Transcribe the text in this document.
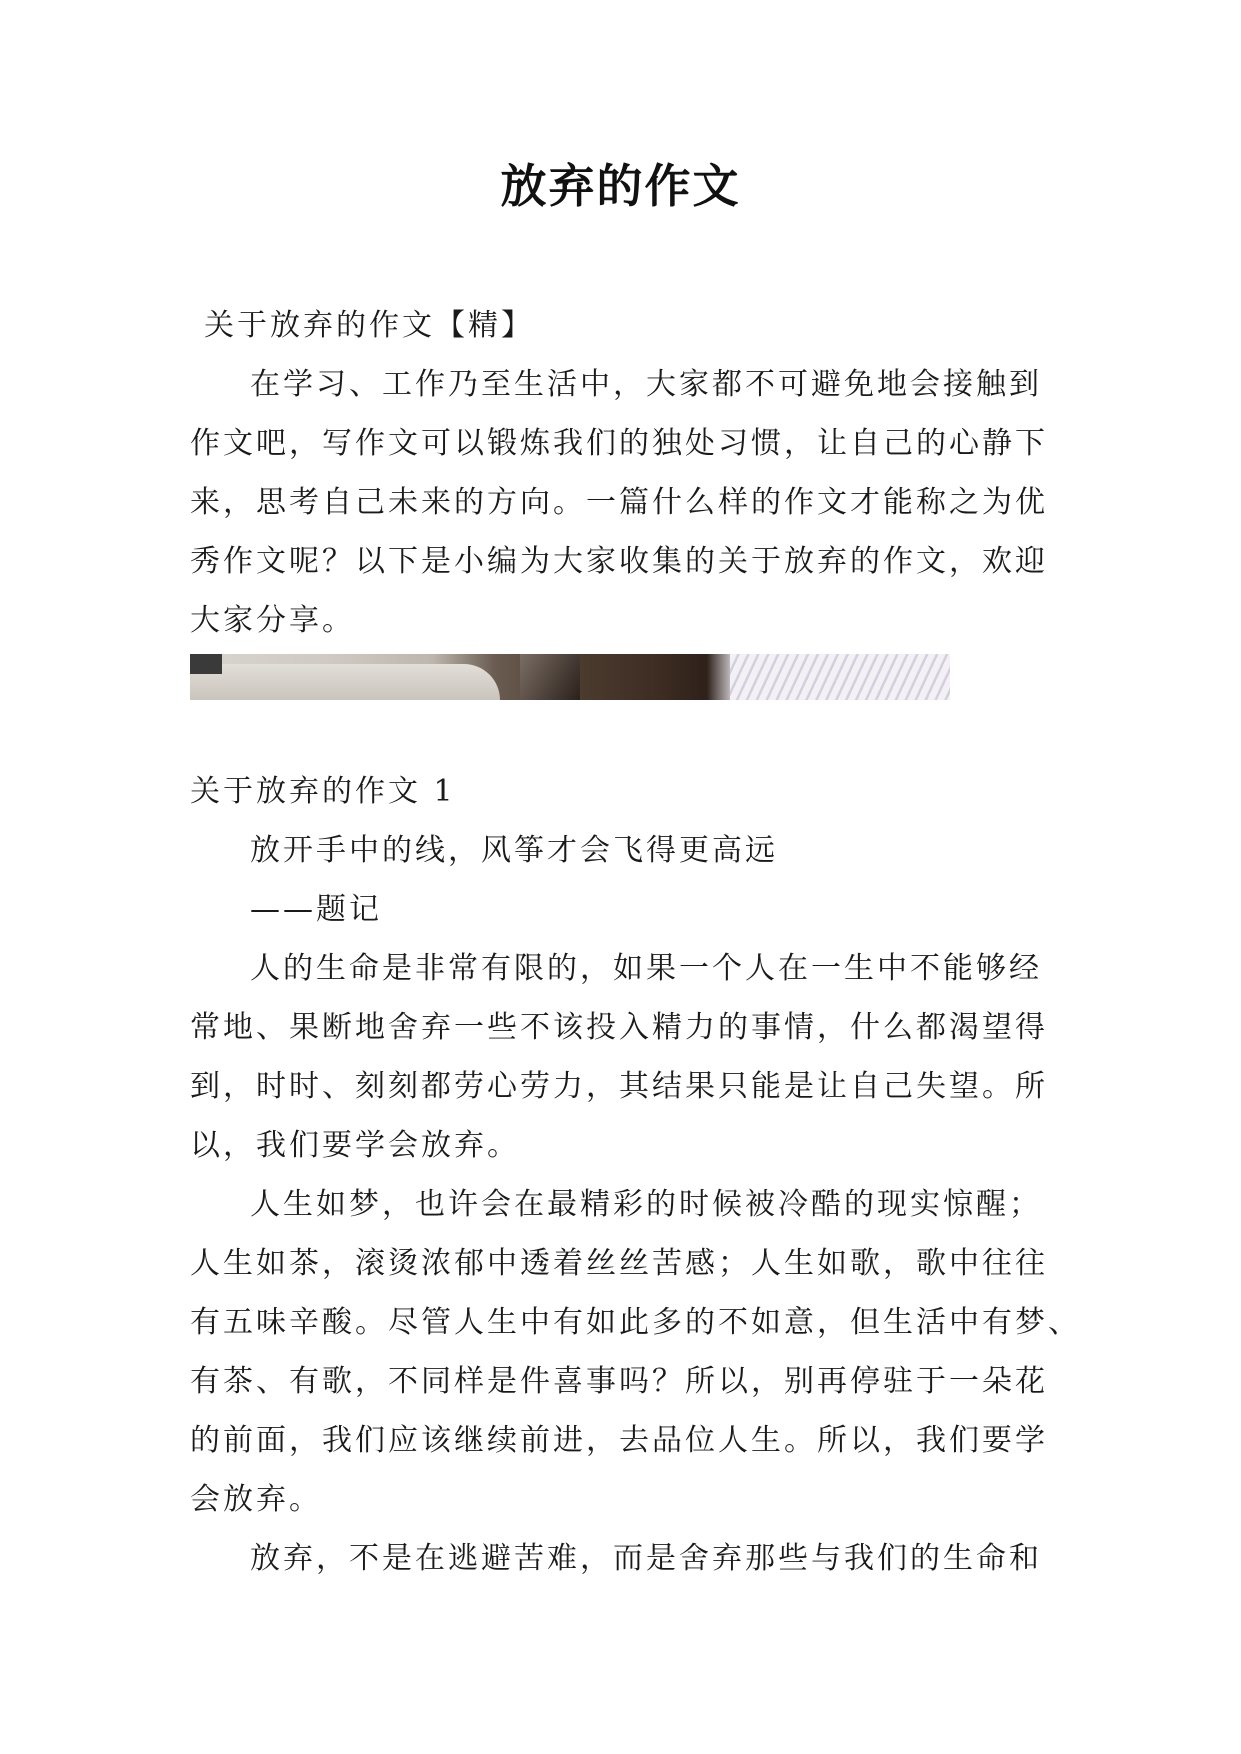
放弃的作文
关于放弃的作文【精】
在学习、工作乃至生活中，大家都不可避免地会接触到
作文吧，写作文可以锻炼我们的独处习惯，让自己的心静下
来，思考自己未来的方向。一篇什么样的作文才能称之为优
秀作文呢？以下是小编为大家收集的关于放弃的作文，欢迎
大家分享。
关于放弃的作文 1
放开手中的线，风筝才会飞得更高远
——题记
人的生命是非常有限的，如果一个人在一生中不能够经
常地、果断地舍弃一些不该投入精力的事情，什么都渴望得
到，时时、刻刻都劳心劳力，其结果只能是让自己失望。所
以，我们要学会放弃。
人生如梦，也许会在最精彩的时候被冷酷的现实惊醒；
人生如茶，滚烫浓郁中透着丝丝苦感；人生如歌，歌中往往
有五味辛酸。尽管人生中有如此多的不如意，但生活中有梦、
有茶、有歌，不同样是件喜事吗？所以，别再停驻于一朵花
的前面，我们应该继续前进，去品位人生。所以，我们要学
会放弃。
放弃，不是在逃避苦难，而是舍弃那些与我们的生命和
